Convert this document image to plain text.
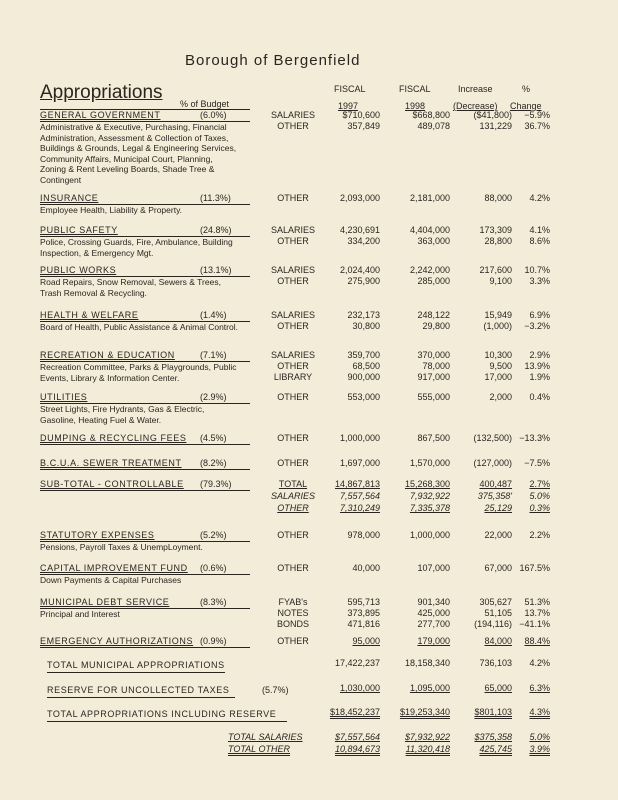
Borough of Bergenfield
Appropriations
% of Budget
FISCAL
1997
FISCAL
1998
Increase
(Decrease)
%
Change
GENERAL GOVERNMENT	(6.0%)
Administrative & Executive, Purchasing, Financial Administration, Assessment & Collection of Taxes, Buildings & Grounds, Legal & Engineering Services, Community Affairs, Municipal Court, Planning, Zoning & Rent Leveling Boards, Shade Tree & Contingent
SALARIES	$710,600	$668,800	($41,800)	−5.9%
OTHER	357,849	489,078	131,229	36.7%
INSURANCE	(11.3%)
Employee Health, Liability & Property.
OTHER	2,093,000	2,181,000	88,000	4.2%
PUBLIC SAFETY	(24.8%)
Police, Crossing Guards, Fire, Ambulance, Building Inspection, & Emergency Mgt.
SALARIES	4,230,691	4,404,000	173,309	4.1%
OTHER	334,200	363,000	28,800	8.6%
PUBLIC WORKS	(13.1%)
Road Repairs, Snow Removal, Sewers & Trees, Trash Removal & Recycling.
SALARIES	2,024,400	2,242,000	217,600	10.7%
OTHER	275,900	285,000	9,100	3.3%
HEALTH & WELFARE	(1.4%)
Board of Health, Public Assistance & Animal Control.
SALARIES	232,173	248,122	15,949	6.9%
OTHER	30,800	29,800	(1,000)	−3.2%
RECREATION & EDUCATION	(7.1%)
Recreation Committee, Parks & Playgrounds, Public Events, Library & Information Center.
SALARIES	359,700	370,000	10,300	2.9%
OTHER	68,500	78,000	9,500	13.9%
LIBRARY	900,000	917,000	17,000	1.9%
UTILITIES	(2.9%)
Street Lights, Fire Hydrants, Gas & Electric, Gasoline, Heating Fuel & Water.
OTHER	553,000	555,000	2,000	0.4%
DUMPING & RECYCLING FEES (4.5%)	OTHER	1,000,000	867,500	(132,500) −13.3%
B.C.U.A. SEWER TREATMENT (8.2%)	OTHER	1,697,000	1,570,000	(127,000)	−7.5%
SUB-TOTAL - CONTROLLABLE (79.3%)	TOTAL	14,867,813	15,268,300	400,487	2.7%
SALARIES	7,557,564	7,932,922	375,358'	5.0%
OTHER	7,310,249	7,335,378	25,129	0.3%
STATUTORY EXPENSES	(5.2%)
Pensions, Payroll Taxes & UnempLoyment.
OTHER	978,000	1,000,000	22,000	2.2%
CAPITAL IMPROVEMENT FUND (0.6%)
Down Payments & Capital Purchases
OTHER	40,000	107,000	67,000 167.5%
MUNICIPAL DEBT SERVICE	(8.3%)
Principal and Interest
FYAB's	595,713	901,340	305,627	51.3%
NOTES	373,895	425,000	51,105	13.7%
BONDS	471,816	277,700	(194,116) −41.1%
EMERGENCY AUTHORIZATIONS (0.9%)	OTHER	95,000	179,000	84,000	88.4%
TOTAL MUNICIPAL APPROPRIATIONS	17,422,237	18,158,340	736,103	4.2%
RESERVE FOR UNCOLLECTED TAXES	(5.7%)	1,030,000	1,095,000	65,000	6.3%
TOTAL APPROPRIATIONS INCLUDING RESERVE	$18,452,237	$19,253,340	$801,103	4.3%
TOTAL SALARIES	$7,557,564	$7,932,922	$375,358	5.0%
TOTAL OTHER	10,894,673	11,320,418	425,745	3.9%
